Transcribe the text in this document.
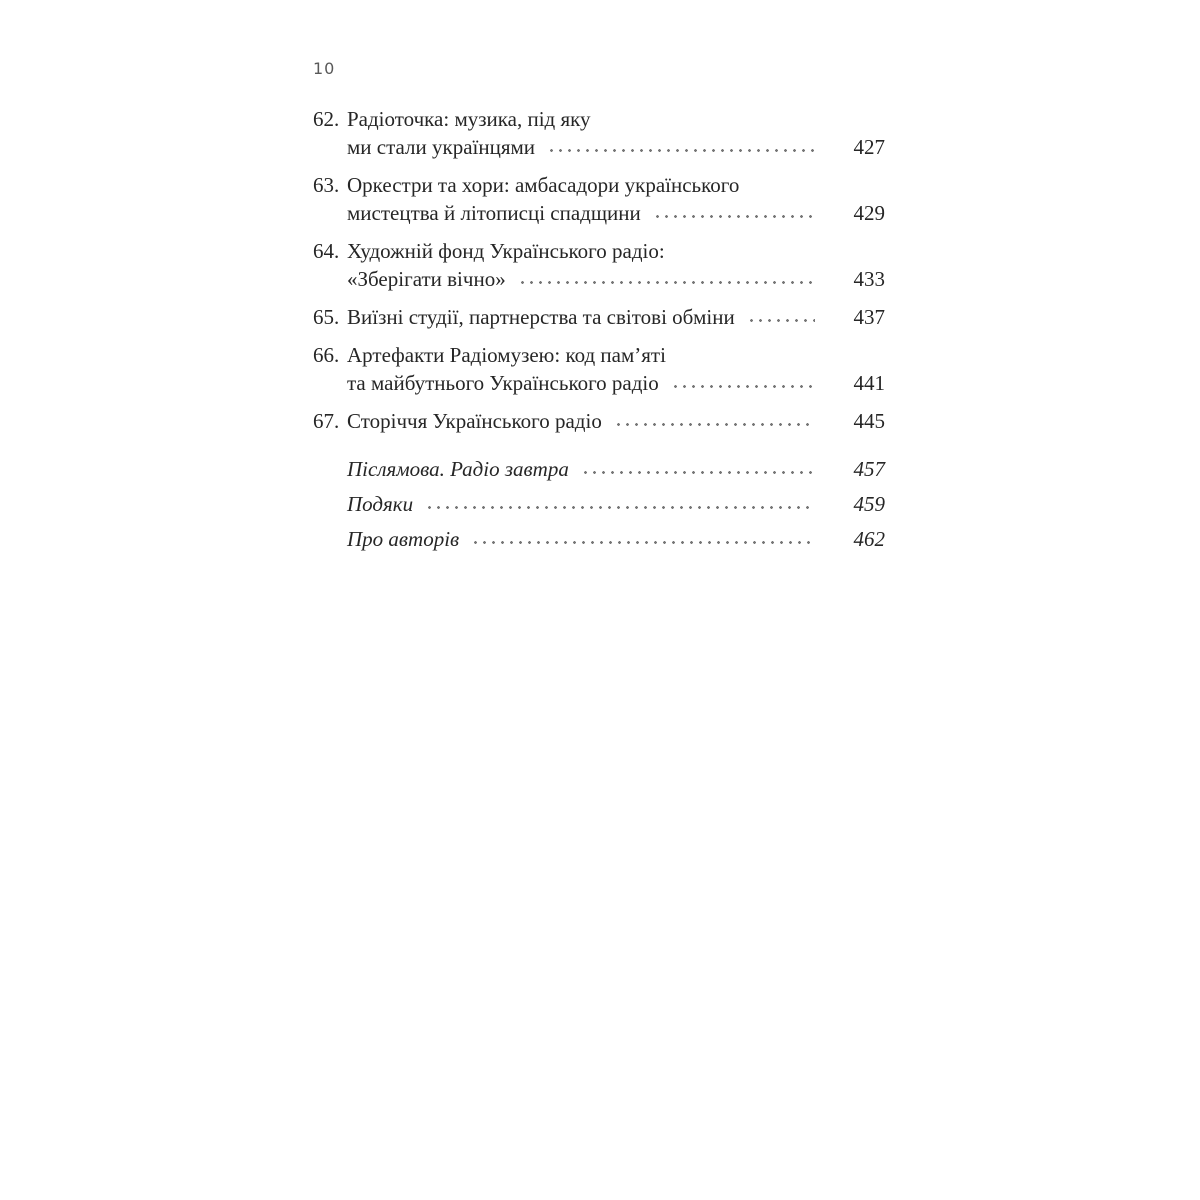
10
62. Радіоточка: музика, під яку
ми стали українцями	427
63. Оркестри та хори: амбасадори українського
мистецтва й літописці спадщини	429
64. Художній фонд Українського радіо:
«Зберігати вічно»	433
65. Виїзні студії, партнерства та світові обміни	437
66. Артефакти Радіомузею: код пам’яті
та майбутнього Українського радіо	441
67. Сторіччя Українського радіо	445
Післямова. Радіо завтра	457
Подяки	459
Про авторів	462
